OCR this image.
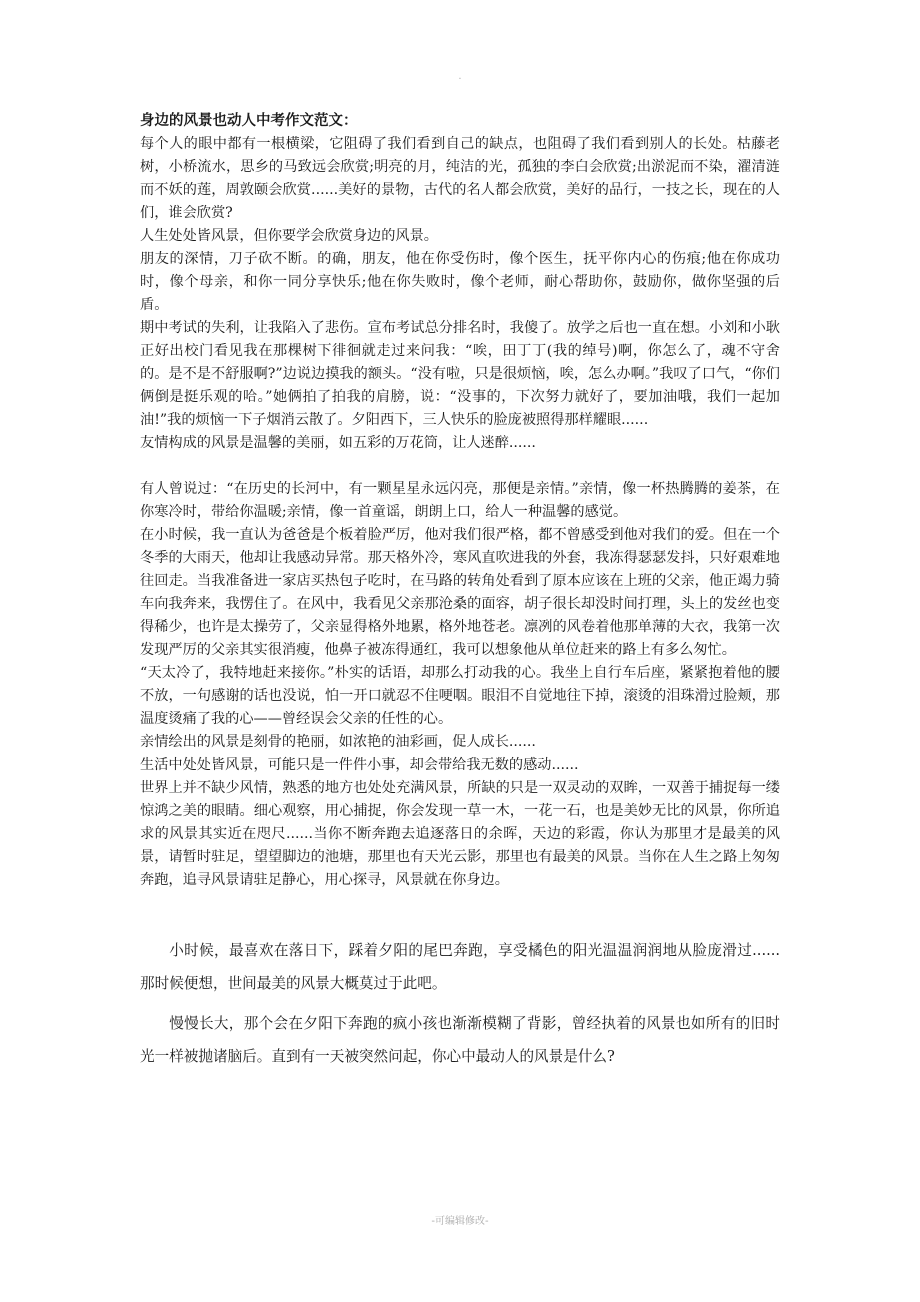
.

身边的风景也动人中考作文范文：

每个人的眼中都有一根横梁，它阻碍了我们看到自己的缺点，也阻碍了我们看到别人的长处。枯藤老树，小桥流水，思乡的马致远会欣赏;明亮的月，纯洁的光，孤独的李白会欣赏;出淤泥而不染，濯清涟而不妖的莲，周敦颐会欣赏......美好的景物，古代的名人都会欣赏，美好的品行，一技之长，现在的人们，谁会欣赏?

人生处处皆风景，但你要学会欣赏身边的风景。

朋友的深情，刀子砍不断。的确，朋友，他在你受伤时，像个医生，抚平你内心的伤痕;他在你成功时，像个母亲，和你一同分享快乐;他在你失败时，像个老师，耐心帮助你，鼓励你，做你坚强的后盾。

期中考试的失利，让我陷入了悲伤。宣布考试总分排名时，我傻了。放学之后也一直在想。小刘和小耿正好出校门看见我在那棵树下徘徊就走过来问我：“唉，田丁丁(我的绰号)啊，你怎么了，魂不守舍的。是不是不舒服啊?”边说边摸我的额头。“没有啦，只是很烦恼，唉，怎么办啊。”我叹了口气，“你们俩倒是挺乐观的哈。”她俩拍了拍我的肩膀，说：“没事的，下次努力就好了，要加油哦，我们一起加油!”我的烦恼一下子烟消云散了。夕阳西下，三人快乐的脸庞被照得那样耀眼......

友情构成的风景是温馨的美丽，如五彩的万花筒，让人迷醉......

有人曾说过：“在历史的长河中，有一颗星星永远闪亮，那便是亲情。”亲情，像一杯热腾腾的姜茶，在你寒冷时，带给你温暖;亲情，像一首童谣，朗朗上口，给人一种温馨的感觉。

在小时候，我一直认为爸爸是个板着脸严厉，他对我们很严格，都不曾感受到他对我们的爱。但在一个冬季的大雨天，他却让我感动异常。那天格外冷，寒风直吹进我的外套，我冻得瑟瑟发抖，只好艰难地往回走。当我准备进一家店买热包子吃时，在马路的转角处看到了原本应该在上班的父亲，他正竭力骑车向我奔来，我愣住了。在风中，我看见父亲那沧桑的面容，胡子很长却没时间打理，头上的发丝也变得稀少，也许是太操劳了，父亲显得格外地累，格外地苍老。凛冽的风卷着他那单薄的大衣，我第一次发现严厉的父亲其实很消瘦，他鼻子被冻得通红，我可以想象他从单位赶来的路上有多么匆忙。

“天太冷了，我特地赶来接你。”朴实的话语，却那么打动我的心。我坐上自行车后座，紧紧抱着他的腰不放，一句感谢的话也没说，怕一开口就忍不住哽咽。眼泪不自觉地往下掉，滚烫的泪珠滑过脸颊，那温度烫痛了我的心——曾经误会父亲的任性的心。

亲情绘出的风景是刻骨的艳丽，如浓艳的油彩画，促人成长......

生活中处处皆风景，可能只是一件件小事，却会带给我无数的感动......

世界上并不缺少风情，熟悉的地方也处处充满风景，所缺的只是一双灵动的双眸，一双善于捕捉每一缕惊鸿之美的眼睛。细心观察，用心捕捉，你会发现一草一木，一花一石，也是美妙无比的风景，你所追求的风景其实近在咫尺......当你不断奔跑去追逐落日的余晖，天边的彩霞，你认为那里才是最美的风景，请暂时驻足，望望脚边的池塘，那里也有天光云影，那里也有最美的风景。当你在人生之路上匆匆奔跑，追寻风景请驻足静心，用心探寻，风景就在你身边。

小时候，最喜欢在落日下，踩着夕阳的尾巴奔跑，享受橘色的阳光温温润润地从脸庞滑过......那时候便想，世间最美的风景大概莫过于此吧。

慢慢长大，那个会在夕阳下奔跑的疯小孩也渐渐模糊了背影，曾经执着的风景也如所有的旧时光一样被抛诸脑后。直到有一天被突然问起，你心中最动人的风景是什么?

-可编辑修改-
